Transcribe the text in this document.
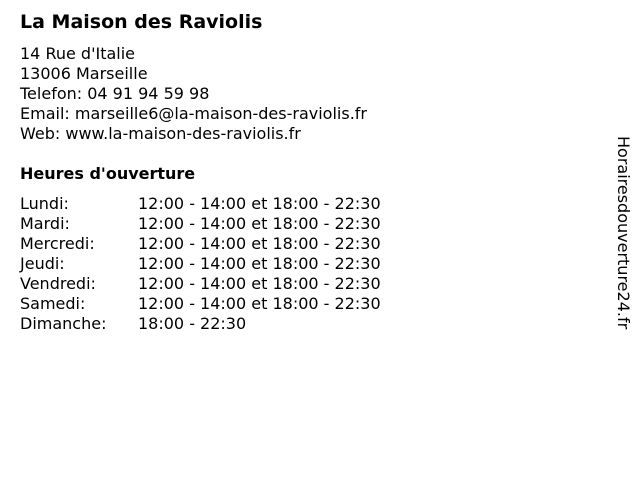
La Maison des Raviolis
14 Rue d'Italie
13006 Marseille
Telefon: 04 91 94 59 98
Email: marseille6@la-maison-des-raviolis.fr
Web: www.la-maison-des-raviolis.fr
Heures d'ouverture
Lundi:	12:00 - 14:00 et 18:00 - 22:30
Mardi:	12:00 - 14:00 et 18:00 - 22:30
Mercredi:	12:00 - 14:00 et 18:00 - 22:30
Jeudi:	12:00 - 14:00 et 18:00 - 22:30
Vendredi:	12:00 - 14:00 et 18:00 - 22:30
Samedi:	12:00 - 14:00 et 18:00 - 22:30
Dimanche: 18:00 - 22:30	Horairesdouverture24.fr
